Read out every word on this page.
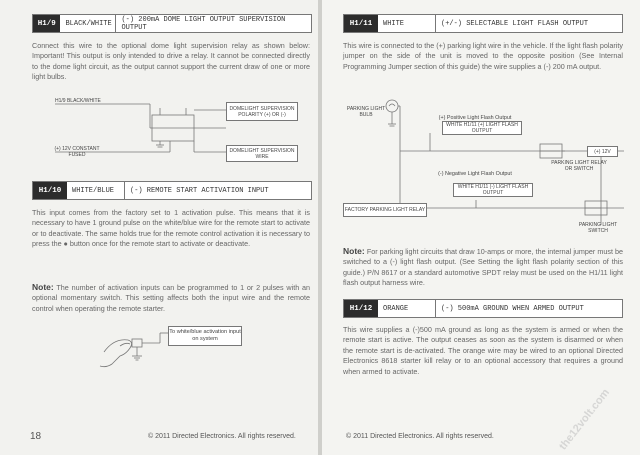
H1/9	BLACK/WHITE	(-) 200mA DOME LIGHT OUTPUT SUPERVISION OUTPUT
Connect this wire to the optional dome light supervision relay as shown below: Important! This output is only intended to drive a relay. It cannot be connected directly to the dome light circuit, as the output cannot support the current draw of one or more light bulbs.
H1/9 BLACK/WHITE
DOMELIGHT SUPERVISION POLARITY (+) OR (-)
(+) 12V CONSTANT FUSED
DOMELIGHT SUPERVISION WIRE
H1/10	WHITE/BLUE	(-) REMOTE START ACTIVATION INPUT
This input comes from the factory set to 1 activation pulse. This means that it is necessary to have 1 ground pulse on the white/blue wire for the remote start to activate or to deactivate. The same holds true for the remote control activation it is necessary to press the ● button once for the remote start to activate or deactivate.
Note: The number of activation inputs can be programmed to 1 or 2 pulses with an optional momentary switch. This setting affects both the input wire and the remote control when operating the remote starter.
To white/blue activation input on system
18	© 2011 Directed Electronics. All rights reserved.
H1/11	WHITE	(+/-) SELECTABLE LIGHT FLASH OUTPUT
This wire is connected to the (+) parking light wire in the vehicle. If the light flash polarity jumper on the side of the unit is moved to the opposite position (See Internal Programming Jumper section of this guide) the wire supplies a (-) 200 mA output.
PARKING LIGHT BULB	(+) Positive Light Flash Output
WHITE H1/11 (+) LIGHT FLASH OUTPUT
(+) 12V
PARKING LIGHT RELAY OR SWITCH
(-) Negative Light Flash Output
WHITE H1/11 (-) LIGHT FLASH OUTPUT
FACTORY PARKING LIGHT RELAY
PARKING LIGHT SWITCH
Note: For parking light circuits that draw 10-amps or more, the internal jumper must be switched to a (-) light flash output. (See Setting the light flash polarity section of this guide.) P/N 8617 or a standard automotive SPDT relay must be used on the H1/11 light flash output harness wire.
H1/12	ORANGE	(-) 500mA GROUND WHEN ARMED OUTPUT
This wire supplies a (-)500 mA ground as long as the system is armed or when the remote start is active. The output ceases as soon as the system is disarmed or when the remote start is de-activated. The orange wire may be wired to an optional Directed Electronics 8618 starter kill relay or to an optional accessory that requires a ground when armed to activate.
© 2011 Directed Electronics. All rights reserved.	the12volt.com
